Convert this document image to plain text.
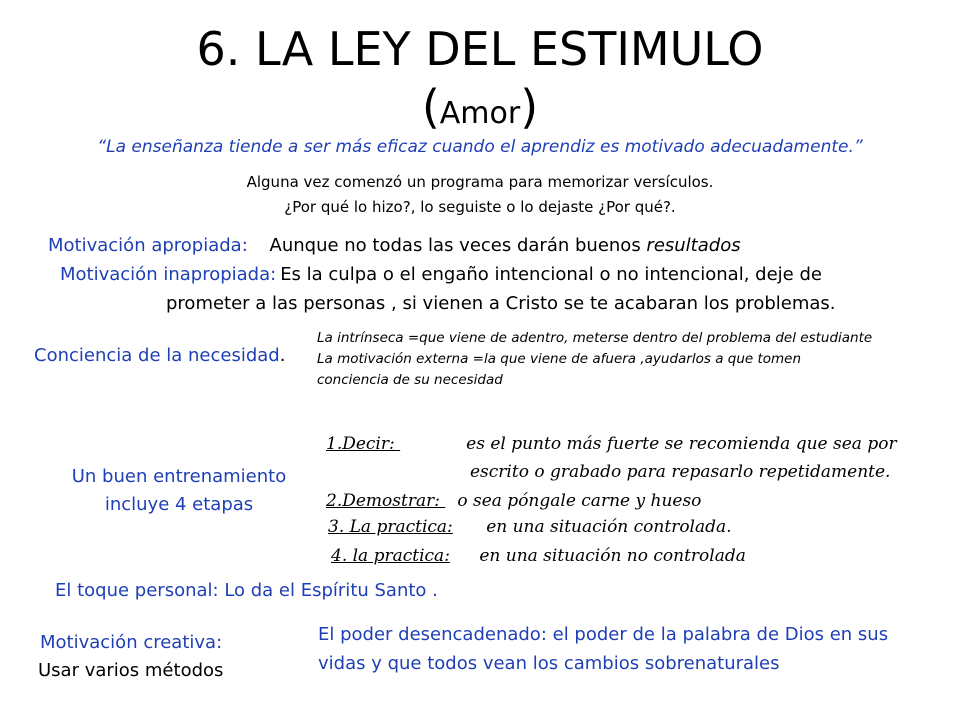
6. LA LEY DEL ESTIMULO
(Amor)
“La enseñanza tiende a ser más eficaz cuando el aprendiz es motivado adecuadamente.”
Alguna vez comenzó un programa para memorizar versículos.
¿Por qué lo hizo?, lo seguiste o lo dejaste ¿Por qué?.
Motivación apropiada: Aunque no todas las veces darán buenos resultados
Motivación inapropiada: Es la culpa o el engaño intencional o no intencional, deje de
prometer a las personas , si vienen a Cristo se te acabaran los problemas.
Conciencia de la necesidad.
La intrínseca =que viene de adentro, meterse dentro del problema del estudiante
La motivación externa =la que viene de afuera ,ayudarlos a que tomen
conciencia de su necesidad
Un buen entrenamiento
incluye 4 etapas
1.Decir:	es el punto más fuerte se recomienda que sea por
escrito o grabado para repasarlo repetidamente.
2.Demostrar: o sea póngale carne y hueso
3. La practica: en una situación controlada.
4. la practica: en una situación no controlada
El toque personal: Lo da el Espíritu Santo .
Motivación creativa:
Usar varios métodos
El poder desencadenado: el poder de la palabra de Dios en sus
vidas y que todos vean los cambios sobrenaturales
